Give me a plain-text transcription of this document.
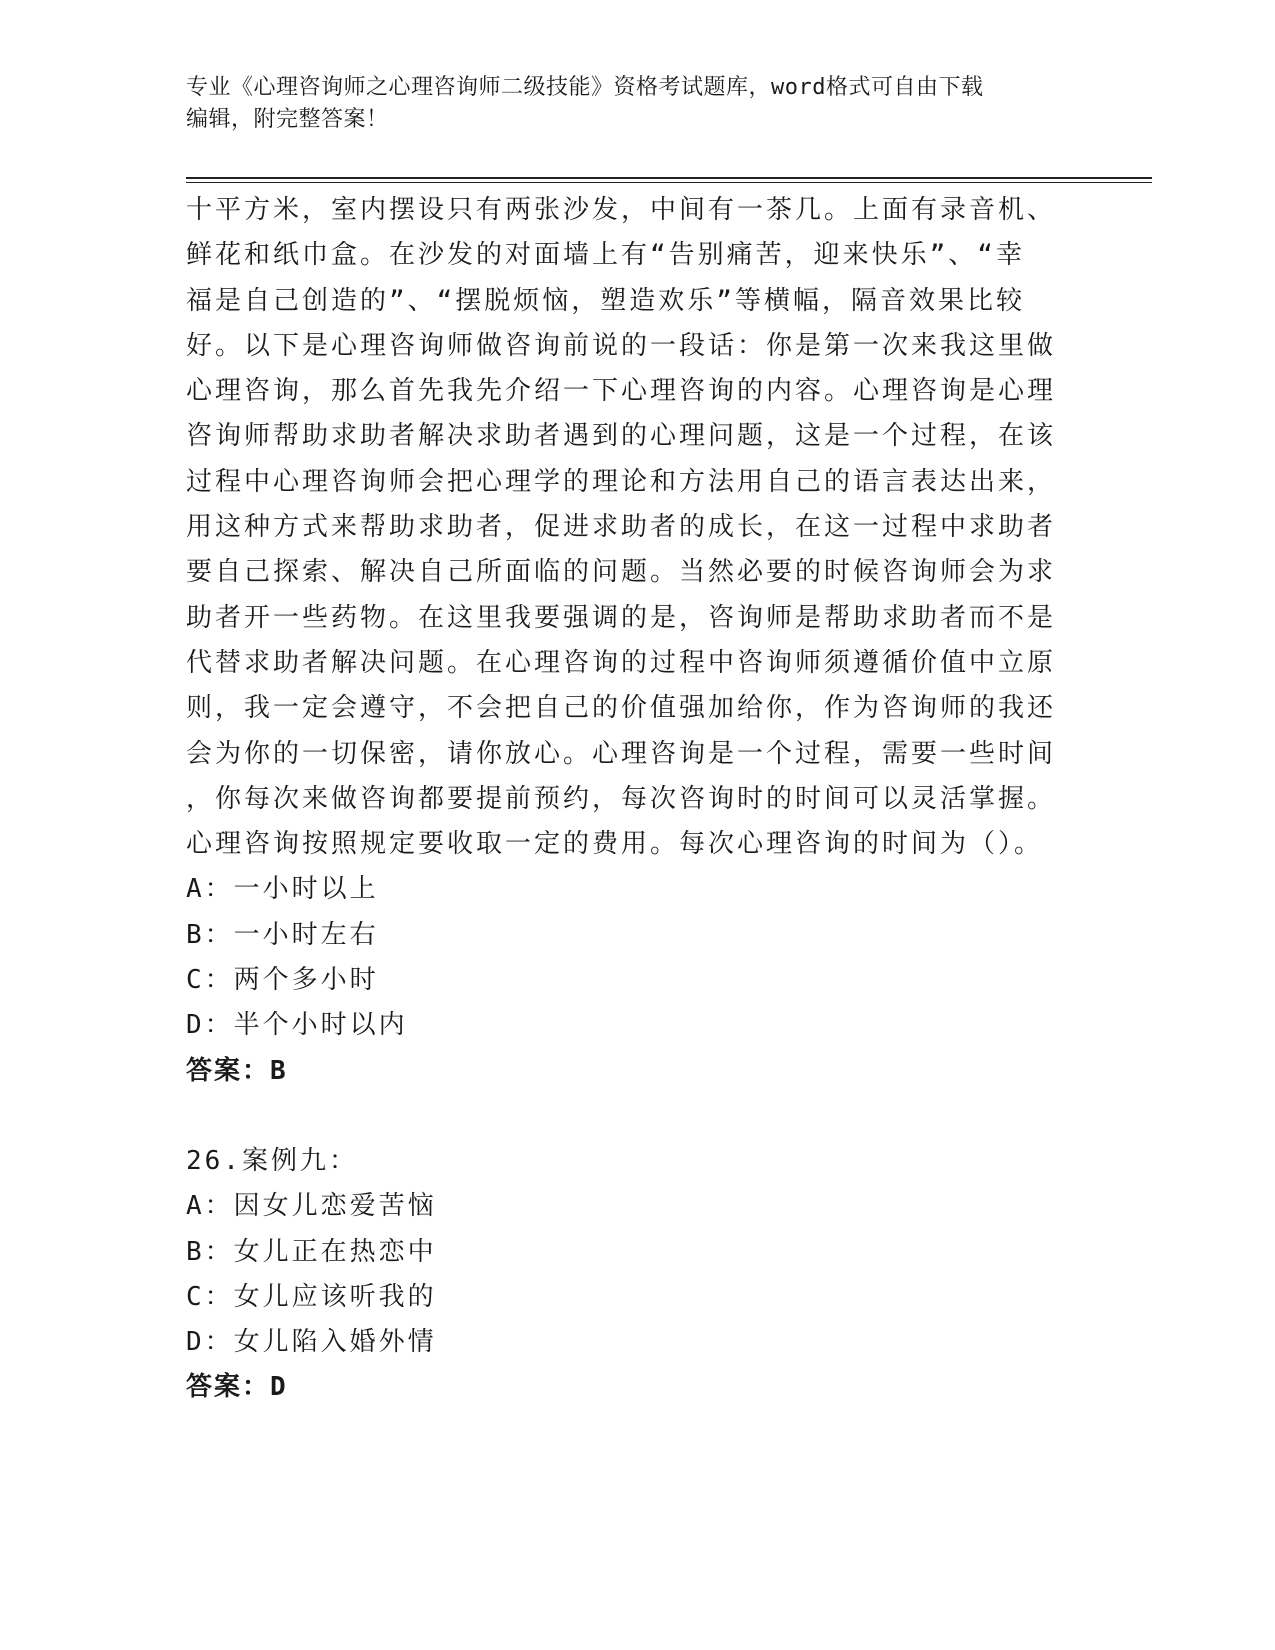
专业《心理咨询师之心理咨询师二级技能》资格考试题库，word格式可自由下载
编辑，附完整答案！
十平方米，室内摆设只有两张沙发，中间有一茶几。上面有录音机、
鲜花和纸巾盒。在沙发的对面墙上有“告别痛苦，迎来快乐”、“幸
福是自己创造的”、“摆脱烦恼，塑造欢乐”等横幅，隔音效果比较
好。以下是心理咨询师做咨询前说的一段话：你是第一次来我这里做
心理咨询，那么首先我先介绍一下心理咨询的内容。心理咨询是心理
咨询师帮助求助者解决求助者遇到的心理问题，这是一个过程，在该
过程中心理咨询师会把心理学的理论和方法用自己的语言表达出来，
用这种方式来帮助求助者，促进求助者的成长，在这一过程中求助者
要自己探索、解决自己所面临的问题。当然必要的时候咨询师会为求
助者开一些药物。在这里我要强调的是，咨询师是帮助求助者而不是
代替求助者解决问题。在心理咨询的过程中咨询师须遵循价值中立原
则，我一定会遵守，不会把自己的价值强加给你，作为咨询师的我还
会为你的一切保密，请你放心。心理咨询是一个过程，需要一些时间
，你每次来做咨询都要提前预约，每次咨询时的时间可以灵活掌握。
心理咨询按照规定要收取一定的费用。每次心理咨询的时间为（）。
A：一小时以上
B：一小时左右
C：两个多小时
D：半个小时以内
答案：B
26.案例九：
A：因女儿恋爱苦恼
B：女儿正在热恋中
C：女儿应该听我的
D：女儿陷入婚外情
答案：D
